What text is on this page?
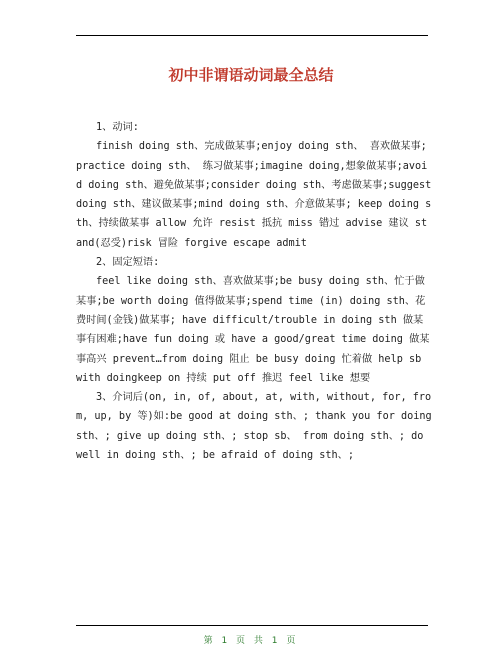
初中非谓语动词最全总结

1、动词:

finish doing sth、完成做某事;enjoy doing sth、 喜欢做某事;practice doing sth、 练习做某事;imagine doing,想象做某事;avoid doing sth、避免做某事;consider doing sth、考虑做某事;suggest doing sth、建议做某事;mind doing sth、介意做某事; keep doing sth、持续做某事 allow 允许 resist 抵抗 miss 错过 advise 建议 stand(忍受)risk 冒险 forgive escape admit

2、固定短语:

feel like doing sth、喜欢做某事;be busy doing sth、忙于做某事;be worth doing 值得做某事;spend time (in) doing sth、花费时间(金钱)做某事; have difficult/trouble in doing sth 做某事有困难;have fun doing 或 have a good/great time doing 做某事高兴 prevent…from doing 阻止 be busy doing 忙着做 help sb with doingkeep on 持续 put off 推迟 feel like 想要

3、介词后(on, in, of, about, at, with, without, for, from, up, by 等)如:be good at doing sth、; thank you for doing sth、; give up doing sth、; stop sb、 from doing sth、; do well in doing sth、; be afraid of doing sth、;

第 1 页 共 1 页
